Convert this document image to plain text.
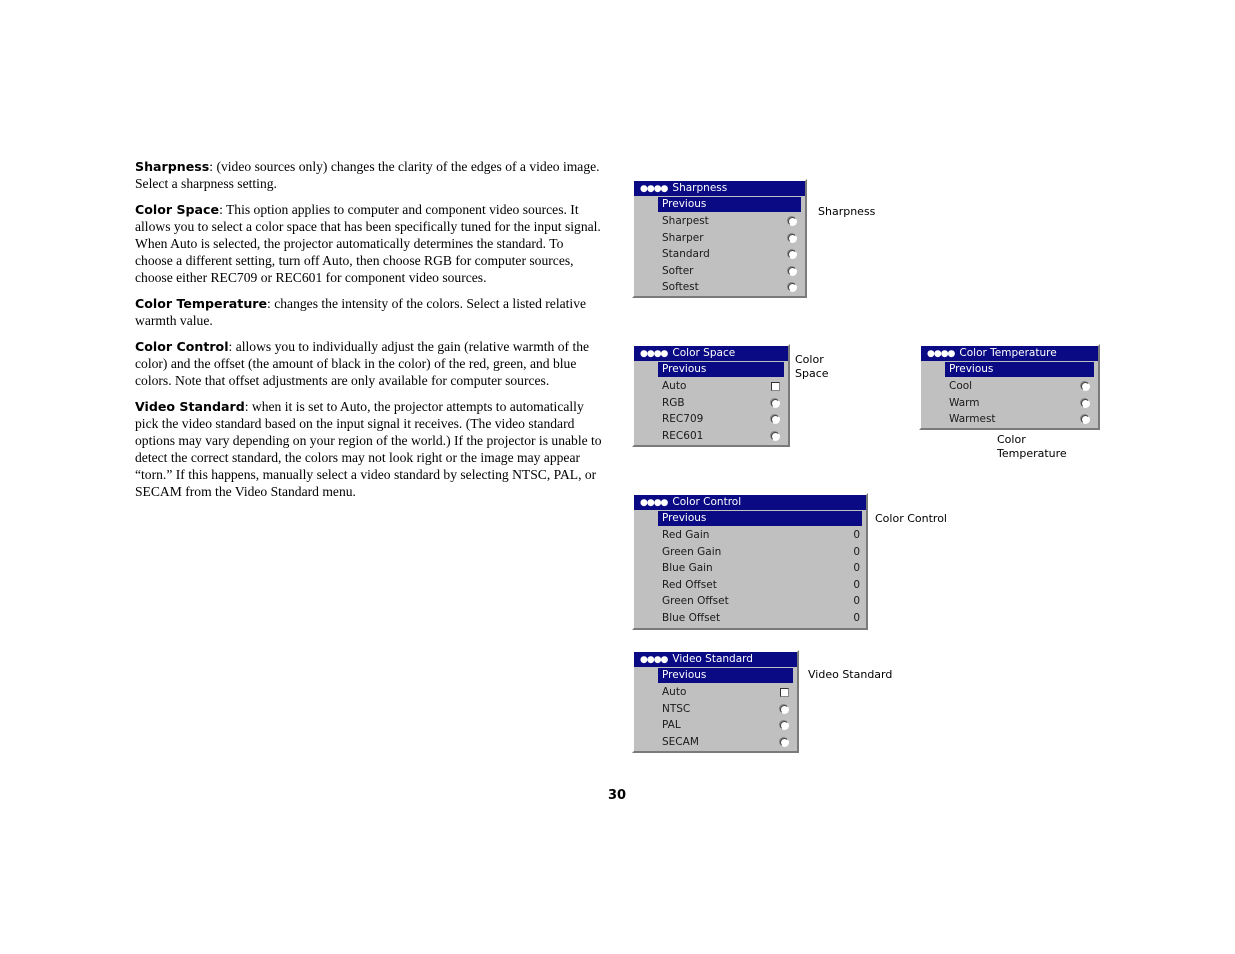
Sharpness: (video sources only) changes the clarity of the edges of a video image. Select a sharpness setting.

Color Space: This option applies to computer and component video sources. It allows you to select a color space that has been specifically tuned for the input signal. When Auto is selected, the projector automatically determines the standard. To choose a different setting, turn off Auto, then choose RGB for computer sources, choose either REC709 or REC601 for component video sources.

Color Temperature: changes the intensity of the colors. Select a listed relative warmth value.

Color Control: allows you to individually adjust the gain (relative warmth of the color) and the offset (the amount of black in the color) of the red, green, and blue colors. Note that offset adjustments are only available for computer sources.

Video Standard: when it is set to Auto, the projector attempts to automatically pick the video standard based on the input signal it receives. (The video standard options may vary depending on your region of the world.) If the projector is unable to detect the correct standard, the colors may not look right or the image may appear “torn.” If this happens, manually select a video standard by selecting NTSC, PAL, or SECAM from the Video Standard menu.

●●●● Sharpness
Previous
Sharpest
Sharper
Standard
Softer
Softest
Sharpness
●●●● Color Space
Previous
Auto
RGB
REC709
REC601
Color
Space
●●●● Color Temperature
Previous
Cool
Warm
Warmest
Color
Temperature
●●●● Color Control
Previous
Red Gain	0
Green Gain	0
Blue Gain	0
Red Offset	0
Green Offset	0
Blue Offset	0
Color Control
●●●● Video Standard
Previous
Auto
NTSC
PAL
SECAM
Video Standard
30
